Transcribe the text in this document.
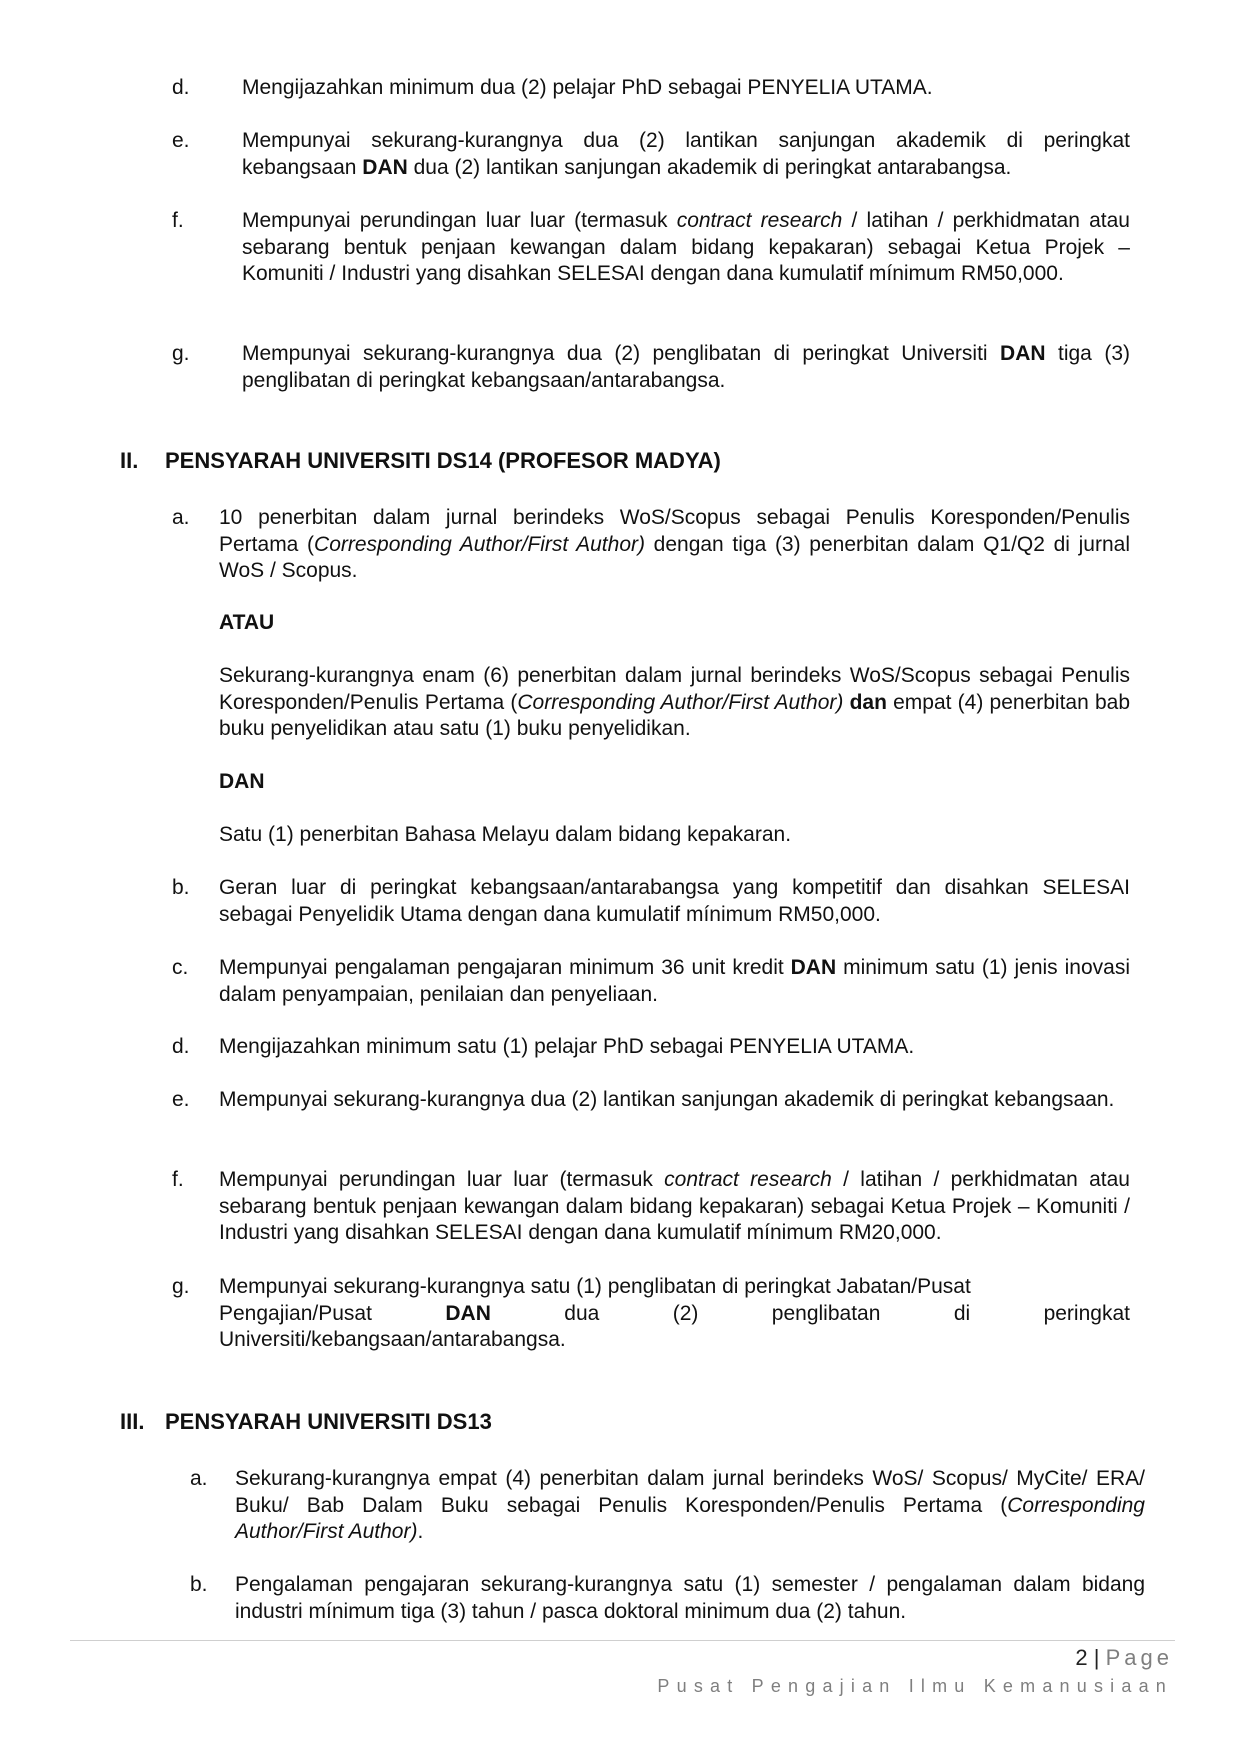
d. Mengijazahkan minimum dua (2) pelajar PhD sebagai PENYELIA UTAMA.

e. Mempunyai sekurang-kurangnya dua (2) lantikan sanjungan akademik di peringkat kebangsaan DAN dua (2) lantikan sanjungan akademik di peringkat antarabangsa.

f.	Mempunyai perundingan luar luar (termasuk contract research / latihan / perkhidmatan atau sebarang bentuk penjaan kewangan dalam bidang kepakaran) sebagai Ketua Projek – Komuniti / Industri yang disahkan SELESAI dengan dana kumulatif mínimum RM50,000.

g. Mempunyai sekurang-kurangnya dua (2) penglibatan di peringkat Universiti DAN tiga (3) penglibatan di peringkat kebangsaan/antarabangsa.

II. PENSYARAH UNIVERSITI DS14 (PROFESOR MADYA)
a. 10 penerbitan dalam jurnal berindeks WoS/Scopus sebagai Penulis Koresponden/Penulis Pertama (Corresponding Author/First Author) dengan tiga (3) penerbitan dalam Q1/Q2 di jurnal WoS / Scopus.

ATAU

Sekurang-kurangnya enam (6) penerbitan dalam jurnal berindeks WoS/Scopus sebagai Penulis Koresponden/Penulis Pertama (Corresponding Author/First Author) dan empat (4) penerbitan bab buku penyelidikan atau satu (1) buku penyelidikan.

DAN

Satu (1) penerbitan Bahasa Melayu dalam bidang kepakaran.

b. Geran luar di peringkat kebangsaan/antarabangsa yang kompetitif dan disahkan SELESAI sebagai Penyelidik Utama dengan dana kumulatif mínimum RM50,000.

c. Mempunyai pengalaman pengajaran minimum 36 unit kredit DAN minimum satu (1) jenis inovasi dalam penyampaian, penilaian dan penyeliaan.

d. Mengijazahkan minimum satu (1) pelajar PhD sebagai PENYELIA UTAMA.

e. Mempunyai sekurang-kurangnya dua (2) lantikan sanjungan akademik di peringkat kebangsaan.

f. Mempunyai perundingan luar luar (termasuk contract research / latihan / perkhidmatan atau sebarang bentuk penjaan kewangan dalam bidang kepakaran) sebagai Ketua Projek – Komuniti / Industri yang disahkan SELESAI dengan dana kumulatif mínimum RM20,000.

g. Mempunyai sekurang-kurangnya satu (1) penglibatan di peringkat Jabatan/Pusat
Pengajian/Pusat	DAN	dua	(2)	penglibatan	di	peringkat
Universiti/kebangsaan/antarabangsa.
III. PENSYARAH UNIVERSITI DS13
a. Sekurang-kurangnya empat (4) penerbitan dalam jurnal berindeks WoS/ Scopus/ MyCite/ ERA/ Buku/ Bab Dalam Buku sebagai Penulis Koresponden/Penulis Pertama (Corresponding Author/First Author).

b. Pengalaman pengajaran sekurang-kurangnya satu (1) semester / pengalaman dalam bidang industri mínimum tiga (3) tahun / pasca doktoral minimum dua (2) tahun.

2 | Page
Pusat Pengajian Ilmu Kemanusiaan
